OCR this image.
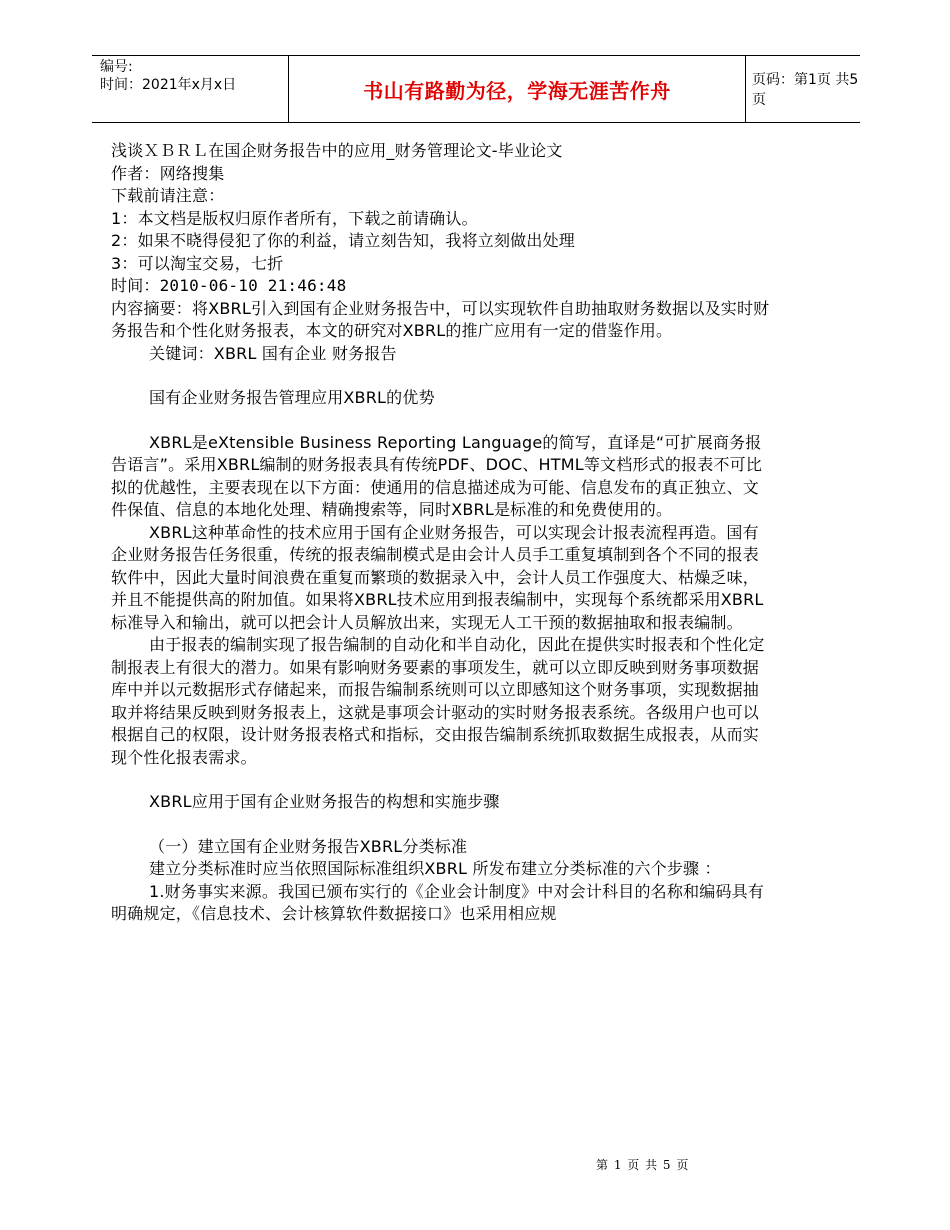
编号:
时间：2021年x月x日	书山有路勤为径，学海无涯苦作舟	页码：第1页 共5页

浅谈ＸＢＲＬ在国企财务报告中的应用_财务管理论文-毕业论文

作者：网络搜集

下载前请注意：

1：本文档是版权归原作者所有，下载之前请确认。

2：如果不晓得侵犯了你的利益，请立刻告知，我将立刻做出处理

3：可以淘宝交易，七折

时间：2010-06-10 21:46:48

内容摘要：将XBRL引入到国有企业财务报告中，可以实现软件自助抽取财务数据以及实时财务报告和个性化财务报表，本文的研究对XBRL的推广应用有一定的借鉴作用。

关键词：XBRL 国有企业 财务报告

国有企业财务报告管理应用XBRL的优势

XBRL是eXtensible Business Reporting Language的简写，直译是“可扩展商务报告语言”。采用XBRL编制的财务报表具有传统PDF、DOC、HTML等文档形式的报表不可比拟的优越性，主要表现在以下方面：使通用的信息描述成为可能、信息发布的真正独立、文件保值、信息的本地化处理、精确搜索等，同时XBRL是标准的和免费使用的。

XBRL这种革命性的技术应用于国有企业财务报告，可以实现会计报表流程再造。国有企业财务报告任务很重，传统的报表编制模式是由会计人员手工重复填制到各个不同的报表软件中，因此大量时间浪费在重复而繁琐的数据录入中，会计人员工作强度大、枯燥乏味，并且不能提供高的附加值。如果将XBRL技术应用到报表编制中，实现每个系统都采用XBRL标准导入和输出，就可以把会计人员解放出来，实现无人工干预的数据抽取和报表编制。

由于报表的编制实现了报告编制的自动化和半自动化，因此在提供实时报表和个性化定制报表上有很大的潜力。如果有影响财务要素的事项发生，就可以立即反映到财务事项数据库中并以元数据形式存储起来，而报告编制系统则可以立即感知这个财务事项，实现数据抽取并将结果反映到财务报表上，这就是事项会计驱动的实时财务报表系统。各级用户也可以根据自己的权限，设计财务报表格式和指标，交由报告编制系统抓取数据生成报表，从而实现个性化报表需求。

XBRL应用于国有企业财务报告的构想和实施步骤

（一）建立国有企业财务报告XBRL分类标准

建立分类标准时应当依照国际标准组织XBRL 所发布建立分类标准的六个步骤 ：

1.财务事实来源。我国已颁布实行的《企业会计制度》中对会计科目的名称和编码具有明确规定，《信息技术、会计核算软件数据接口》也采用相应规

第 1 页 共 5 页
